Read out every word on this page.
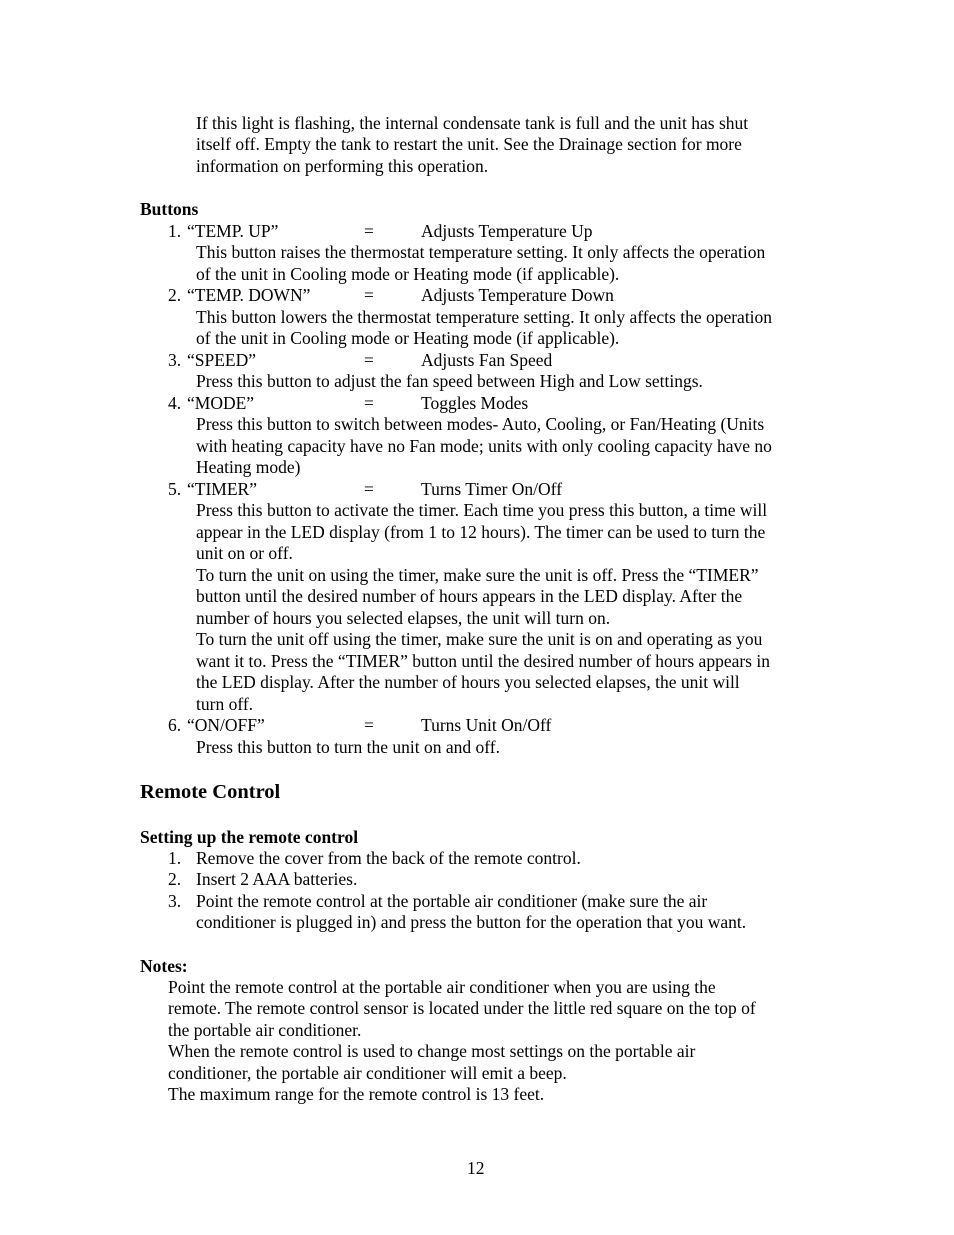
If this light is flashing, the internal condensate tank is full and the unit has shut
itself off. Empty the tank to restart the unit. See the Drainage section for more
information on performing this operation.
Buttons
1. “TEMP. UP”	=	Adjusts Temperature Up
This button raises the thermostat temperature setting. It only affects the operation
of the unit in Cooling mode or Heating mode (if applicable).
2. “TEMP. DOWN”	=	Adjusts Temperature Down
This button lowers the thermostat temperature setting. It only affects the operation
of the unit in Cooling mode or Heating mode (if applicable).
3. “SPEED”	=	Adjusts Fan Speed
Press this button to adjust the fan speed between High and Low settings.
4. “MODE”	=	Toggles Modes
Press this button to switch between modes- Auto, Cooling, or Fan/Heating (Units
with heating capacity have no Fan mode; units with only cooling capacity have no
Heating mode)
5. “TIMER”	=	Turns Timer On/Off
Press this button to activate the timer. Each time you press this button, a time will
appear in the LED display (from 1 to 12 hours). The timer can be used to turn the
unit on or off.
To turn the unit on using the timer, make sure the unit is off. Press the “TIMER”
button until the desired number of hours appears in the LED display. After the
number of hours you selected elapses, the unit will turn on.
To turn the unit off using the timer, make sure the unit is on and operating as you
want it to. Press the “TIMER” button until the desired number of hours appears in
the LED display. After the number of hours you selected elapses, the unit will
turn off.
6. “ON/OFF”	=	Turns Unit On/Off
Press this button to turn the unit on and off.
Remote Control
Setting up the remote control
1. Remove the cover from the back of the remote control.
2. Insert 2 AAA batteries.
3. Point the remote control at the portable air conditioner (make sure the air
conditioner is plugged in) and press the button for the operation that you want.
Notes:
Point the remote control at the portable air conditioner when you are using the
remote. The remote control sensor is located under the little red square on the top of
the portable air conditioner.
When the remote control is used to change most settings on the portable air
conditioner, the portable air conditioner will emit a beep.
The maximum range for the remote control is 13 feet.
12
